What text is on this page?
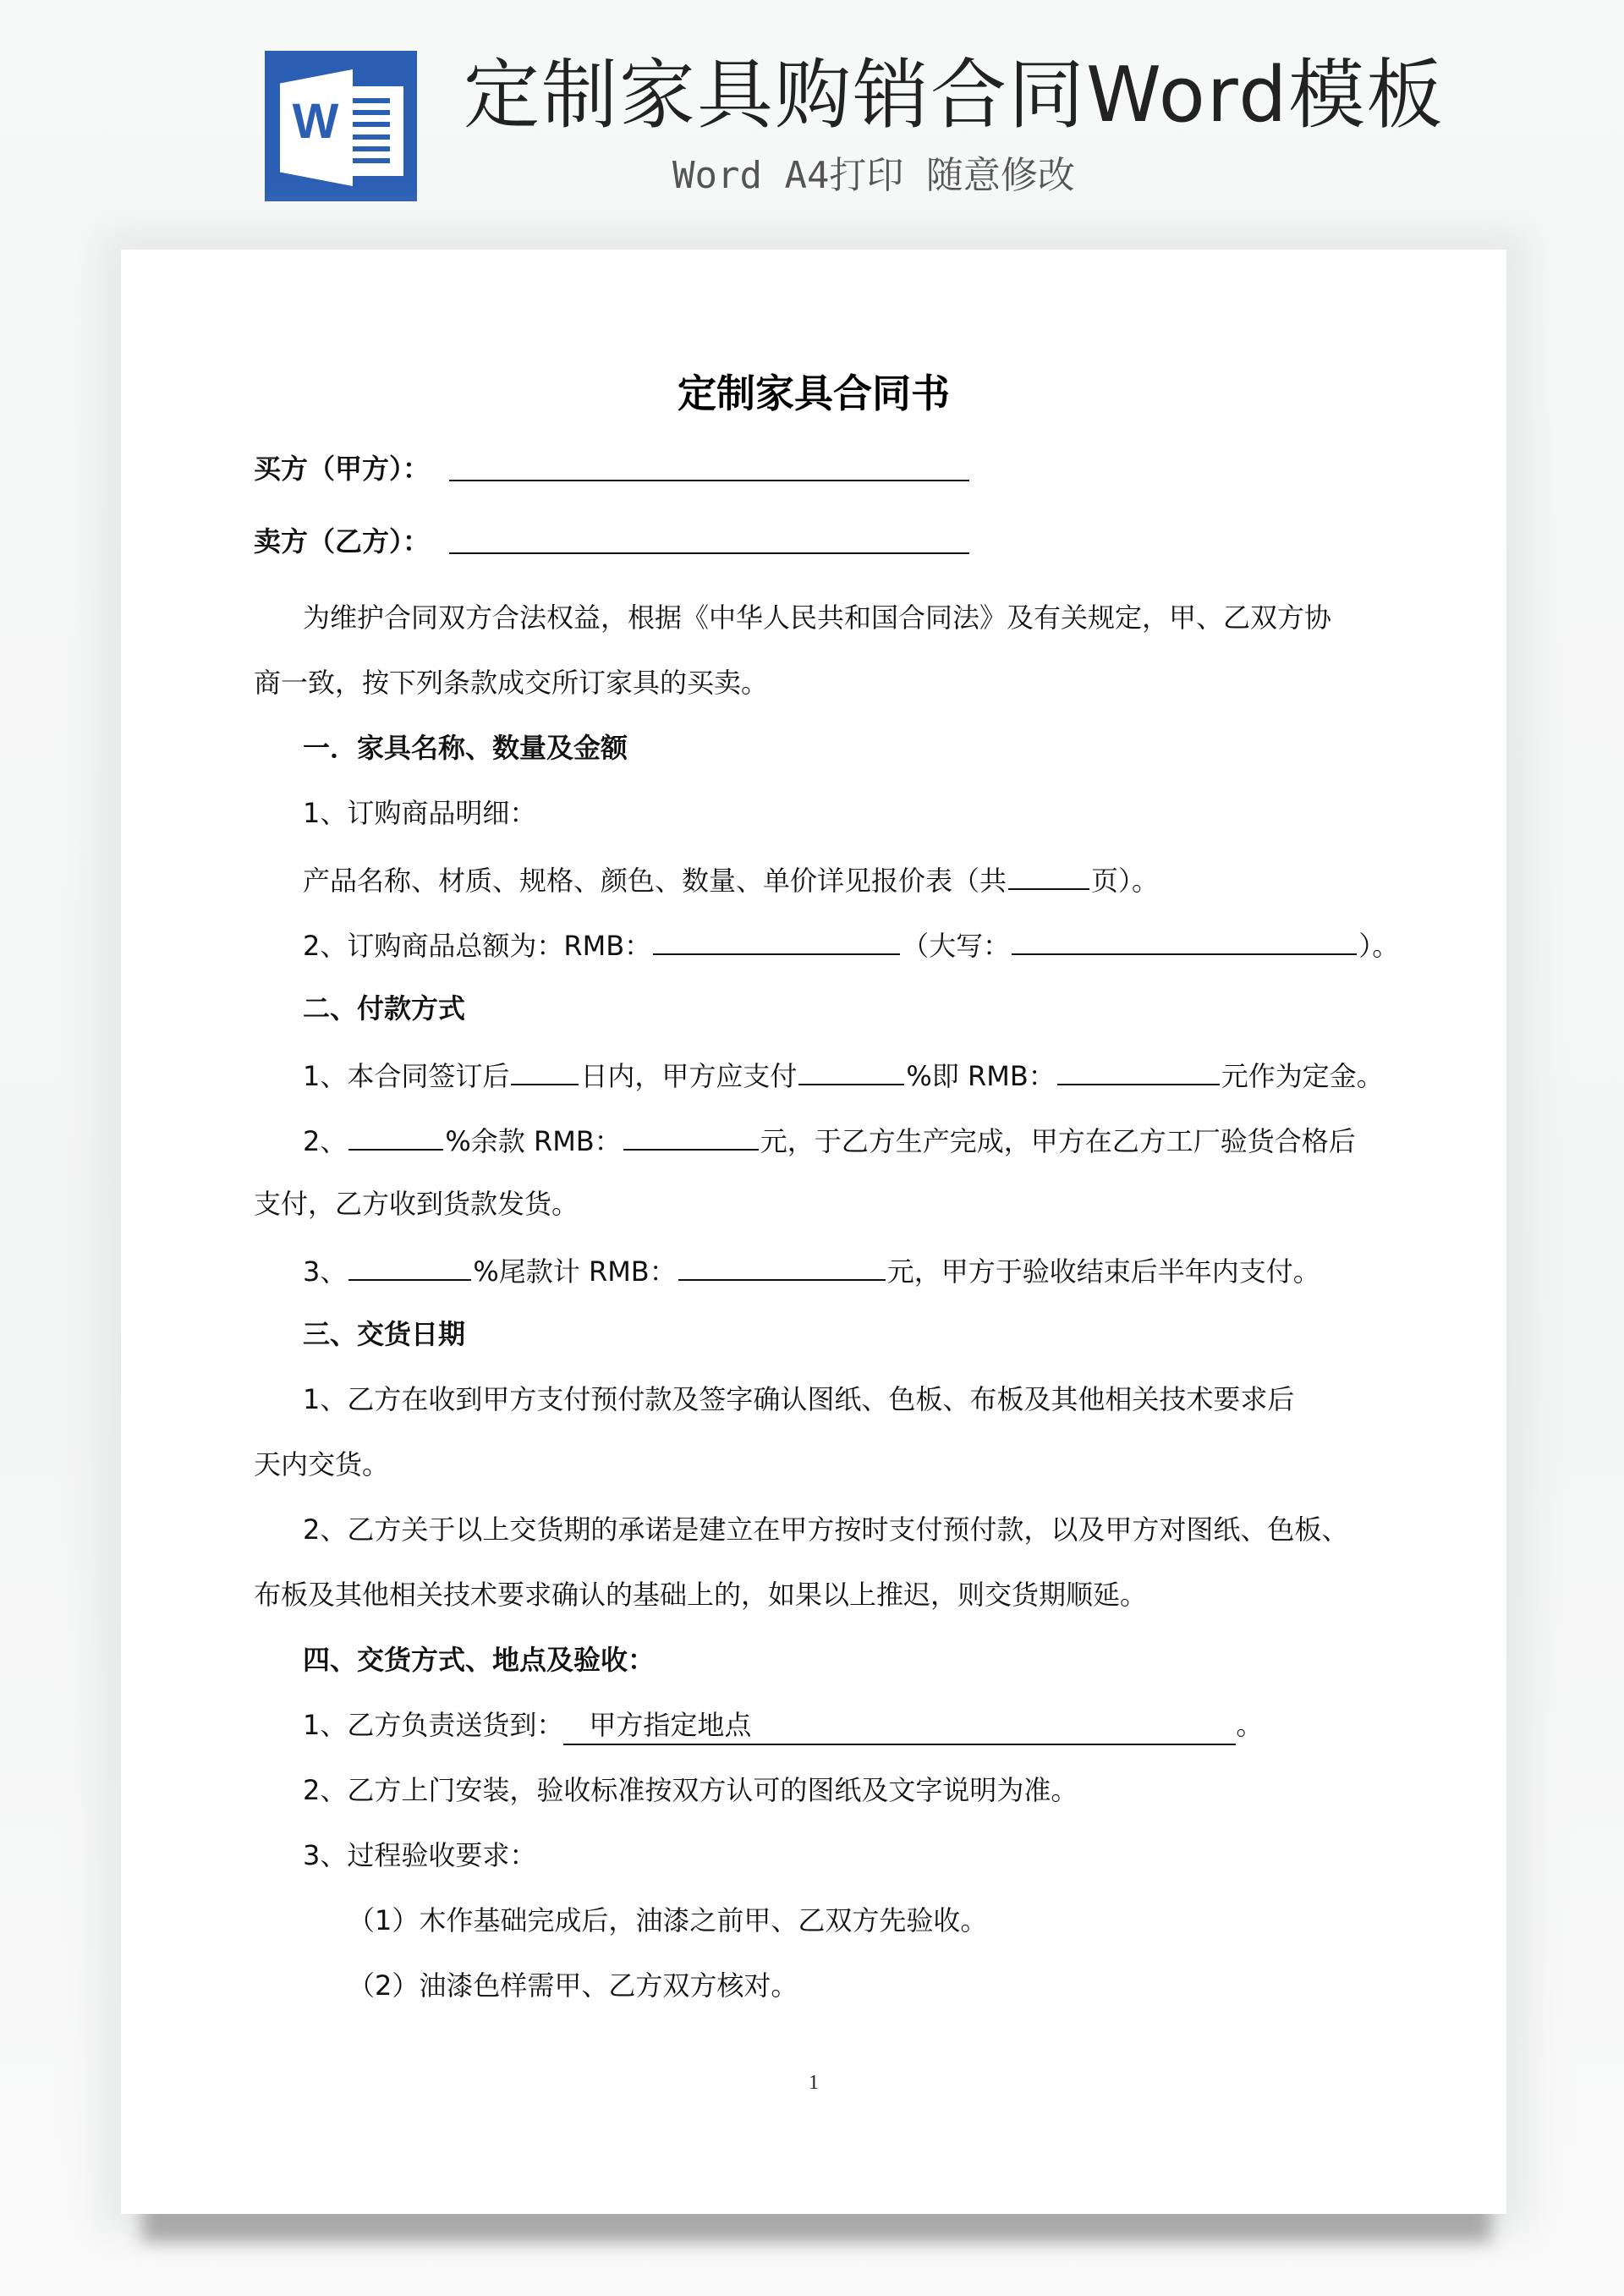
W 定制家具购销合同Word模板
Word A4打印 随意修改
定制家具合同书
买方（甲方）：
卖方（乙方）：
为维护合同双方合法权益，根据《中华人民共和国合同法》及有关规定，甲、乙双方协
商一致，按下列条款成交所订家具的买卖。
一．家具名称、数量及金额
1、订购商品明细：
产品名称、材质、规格、颜色、数量、单价详见报价表（共	页）。
2、订购商品总额为：RMB：	（大写：	）。
二、付款方式
1、本合同签订后	日内，甲方应支付	%即 RMB：	元作为定金。
2、	%余款 RMB：	元，于乙方生产完成，甲方在乙方工厂验货合格后
支付，乙方收到货款发货。
3、	%尾款计 RMB：	元，甲方于验收结束后半年内支付。
三、交货日期
1、乙方在收到甲方支付预付款及签字确认图纸、色板、布板及其他相关技术要求后
天内交货。
2、乙方关于以上交货期的承诺是建立在甲方按时支付预付款，以及甲方对图纸、色板、
布板及其他相关技术要求确认的基础上的，如果以上推迟，则交货期顺延。
四、交货方式、地点及验收：
1、乙方负责送货到： 甲方指定地点	。
2、乙方上门安装，验收标准按双方认可的图纸及文字说明为准。
3、过程验收要求：
（1）木作基础完成后，油漆之前甲、乙双方先验收。
（2）油漆色样需甲、乙方双方核对。
1
